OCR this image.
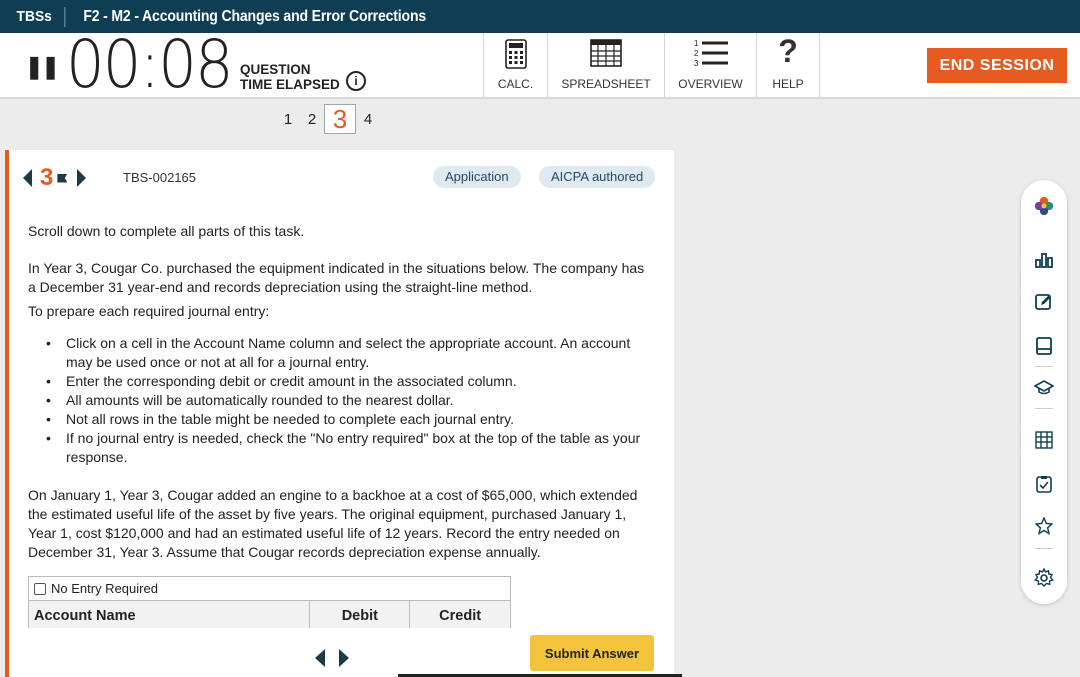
TBSs	F2 - M2 - Accounting Changes and Error Corrections
❚❚ 00:08 QUESTION
TIME ELAPSED	i	CALC.	SPREADSHEET
1
2
3
OVERVIEW
?
HELP
END SESSION
1	2 3	4
3	TBS-002165	Application	AICPA authored
Scroll down to complete all parts of this task.
In Year 3, Cougar Co. purchased the equipment indicated in the situations below. The company has a December 31 year-end and records depreciation using the straight-line method.
To prepare each required journal entry:
• Click on a cell in the Account Name column and select the appropriate account. An account may be used once or not at all for a journal entry.
• Enter the corresponding debit or credit amount in the associated column.
• All amounts will be automatically rounded to the nearest dollar.
• Not all rows in the table might be needed to complete each journal entry.
• If no journal entry is needed, check the "No entry required" box at the top of the table as your response.
On January 1, Year 3, Cougar added an engine to a backhoe at a cost of $65,000, which extended the estimated useful life of the asset by five years. The original equipment, purchased January 1, Year 1, cost $120,000 and had an estimated useful life of 12 years. Record the entry needed on December 31, Year 3. Assume that Cougar records depreciation expense annually.
No Entry Required
Account Name	Debit	Credit
Submit Answer
